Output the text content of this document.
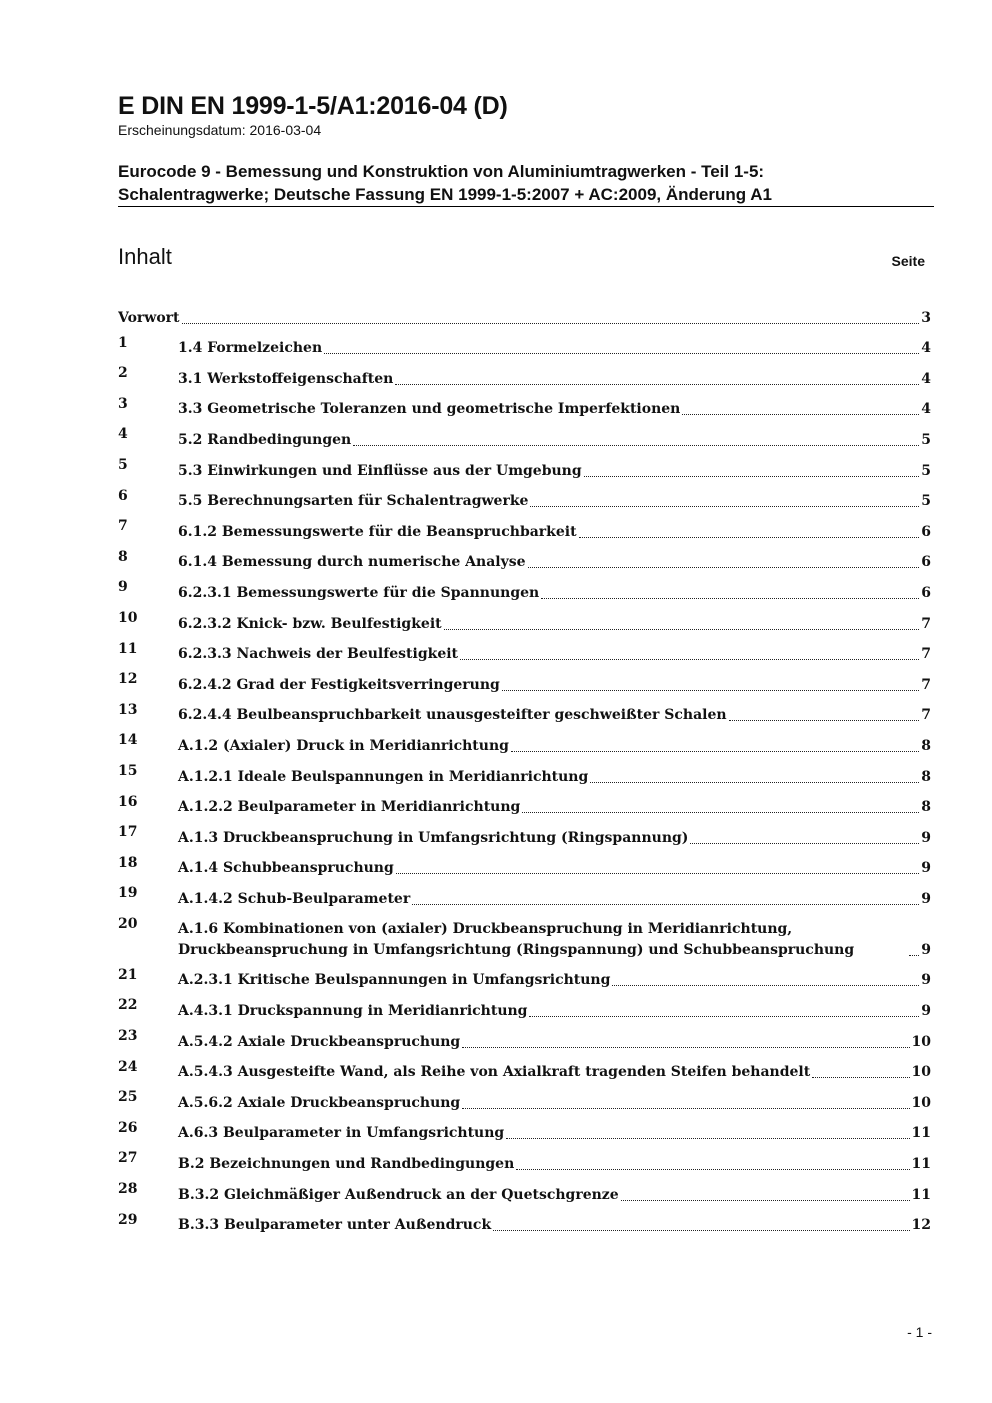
E DIN EN 1999-1-5/A1:2016-04 (D)
Erscheinungsdatum: 2016-03-04
Eurocode 9 - Bemessung und Konstruktion von Aluminiumtragwerken - Teil 1-5:
Schalentragwerke; Deutsche Fassung EN 1999-1-5:2007 + AC:2009, Änderung A1
Inhalt	Seite
Vorwort	3
1	1.4 Formelzeichen	4
2	3.1 Werkstoffeigenschaften	4
3	3.3 Geometrische Toleranzen und geometrische Imperfektionen	4
4	5.2 Randbedingungen	5
5	5.3 Einwirkungen und Einflüsse aus der Umgebung	5
6	5.5 Berechnungsarten für Schalentragwerke	5
7	6.1.2 Bemessungswerte für die Beanspruchbarkeit	6
8	6.1.4 Bemessung durch numerische Analyse	6
9	6.2.3.1 Bemessungswerte für die Spannungen	6
10	6.2.3.2 Knick- bzw. Beulfestigkeit	7
11	6.2.3.3 Nachweis der Beulfestigkeit	7
12	6.2.4.2 Grad der Festigkeitsverringerung	7
13	6.2.4.4 Beulbeanspruchbarkeit unausgesteifter geschweißter Schalen	7
14	A.1.2 (Axialer) Druck in Meridianrichtung	8
15	A.1.2.1 Ideale Beulspannungen in Meridianrichtung	8
16	A.1.2.2 Beulparameter in Meridianrichtung	8
17	A.1.3 Druckbeanspruchung in Umfangsrichtung (Ringspannung)	9
18	A.1.4 Schubbeanspruchung	9
19	A.1.4.2 Schub-Beulparameter	9
20	A.1.6 Kombinationen von (axialer) Druckbeanspruchung in Meridianrichtung, Druckbeanspruchung in Umfangsrichtung (Ringspannung) und Schubbeanspruchung	9
21	A.2.3.1 Kritische Beulspannungen in Umfangsrichtung	9
22	A.4.3.1 Druckspannung in Meridianrichtung	9
23	A.5.4.2 Axiale Druckbeanspruchung	10
24	A.5.4.3 Ausgesteifte Wand, als Reihe von Axialkraft tragenden Steifen behandelt	10
25	A.5.6.2 Axiale Druckbeanspruchung	10
26	A.6.3 Beulparameter in Umfangsrichtung	11
27	B.2 Bezeichnungen und Randbedingungen	11
28	B.3.2 Gleichmäßiger Außendruck an der Quetschgrenze	11
29	B.3.3 Beulparameter unter Außendruck	12
- 1 -
